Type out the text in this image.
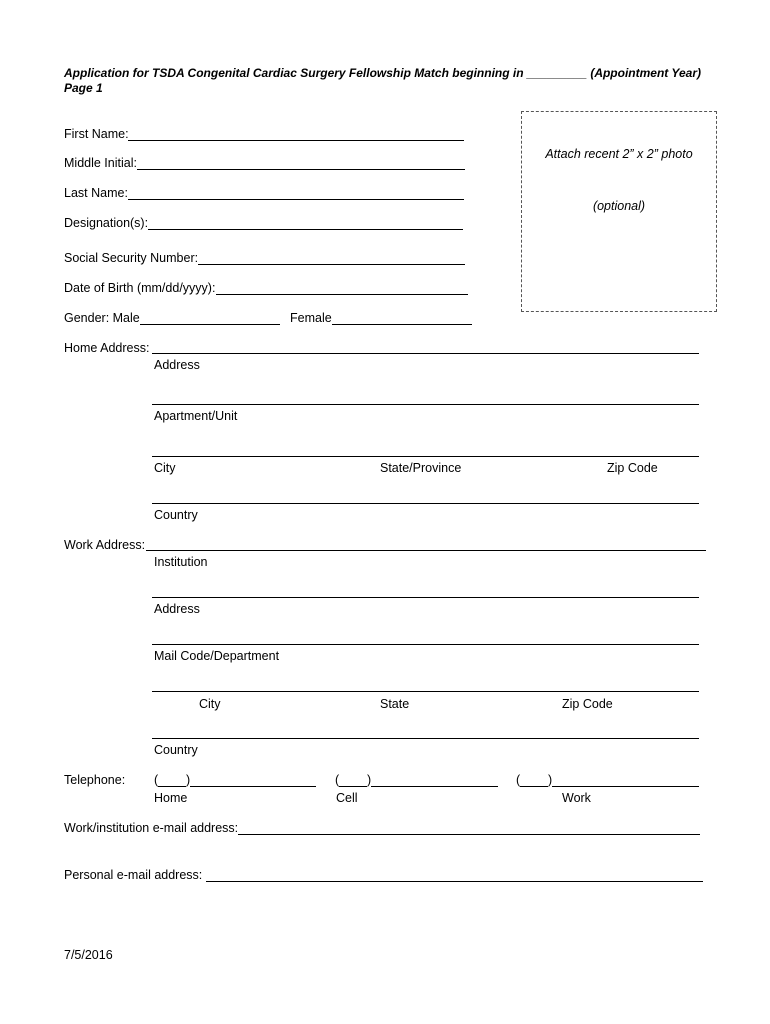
Application for TSDA Congenital Cardiac Surgery Fellowship Match beginning in _________ (Appointment Year)
Page 1
Attach recent 2” x 2” photo
(optional)
First Name:
Middle Initial:
Last Name:
Designation(s):
Social Security Number:
Date of Birth (mm/dd/yyyy):
Gender: Male	Female
Home Address:
Address
Apartment/Unit
City	State/Province	Zip Code
Country
Work Address:
Institution
Address
Mail Code/Department
City	State	Zip Code
Country
Telephone: ( )
Home
( )
Cell
( )
Work
Work/institution e-mail address:
Personal e-mail address:
7/5/2016
